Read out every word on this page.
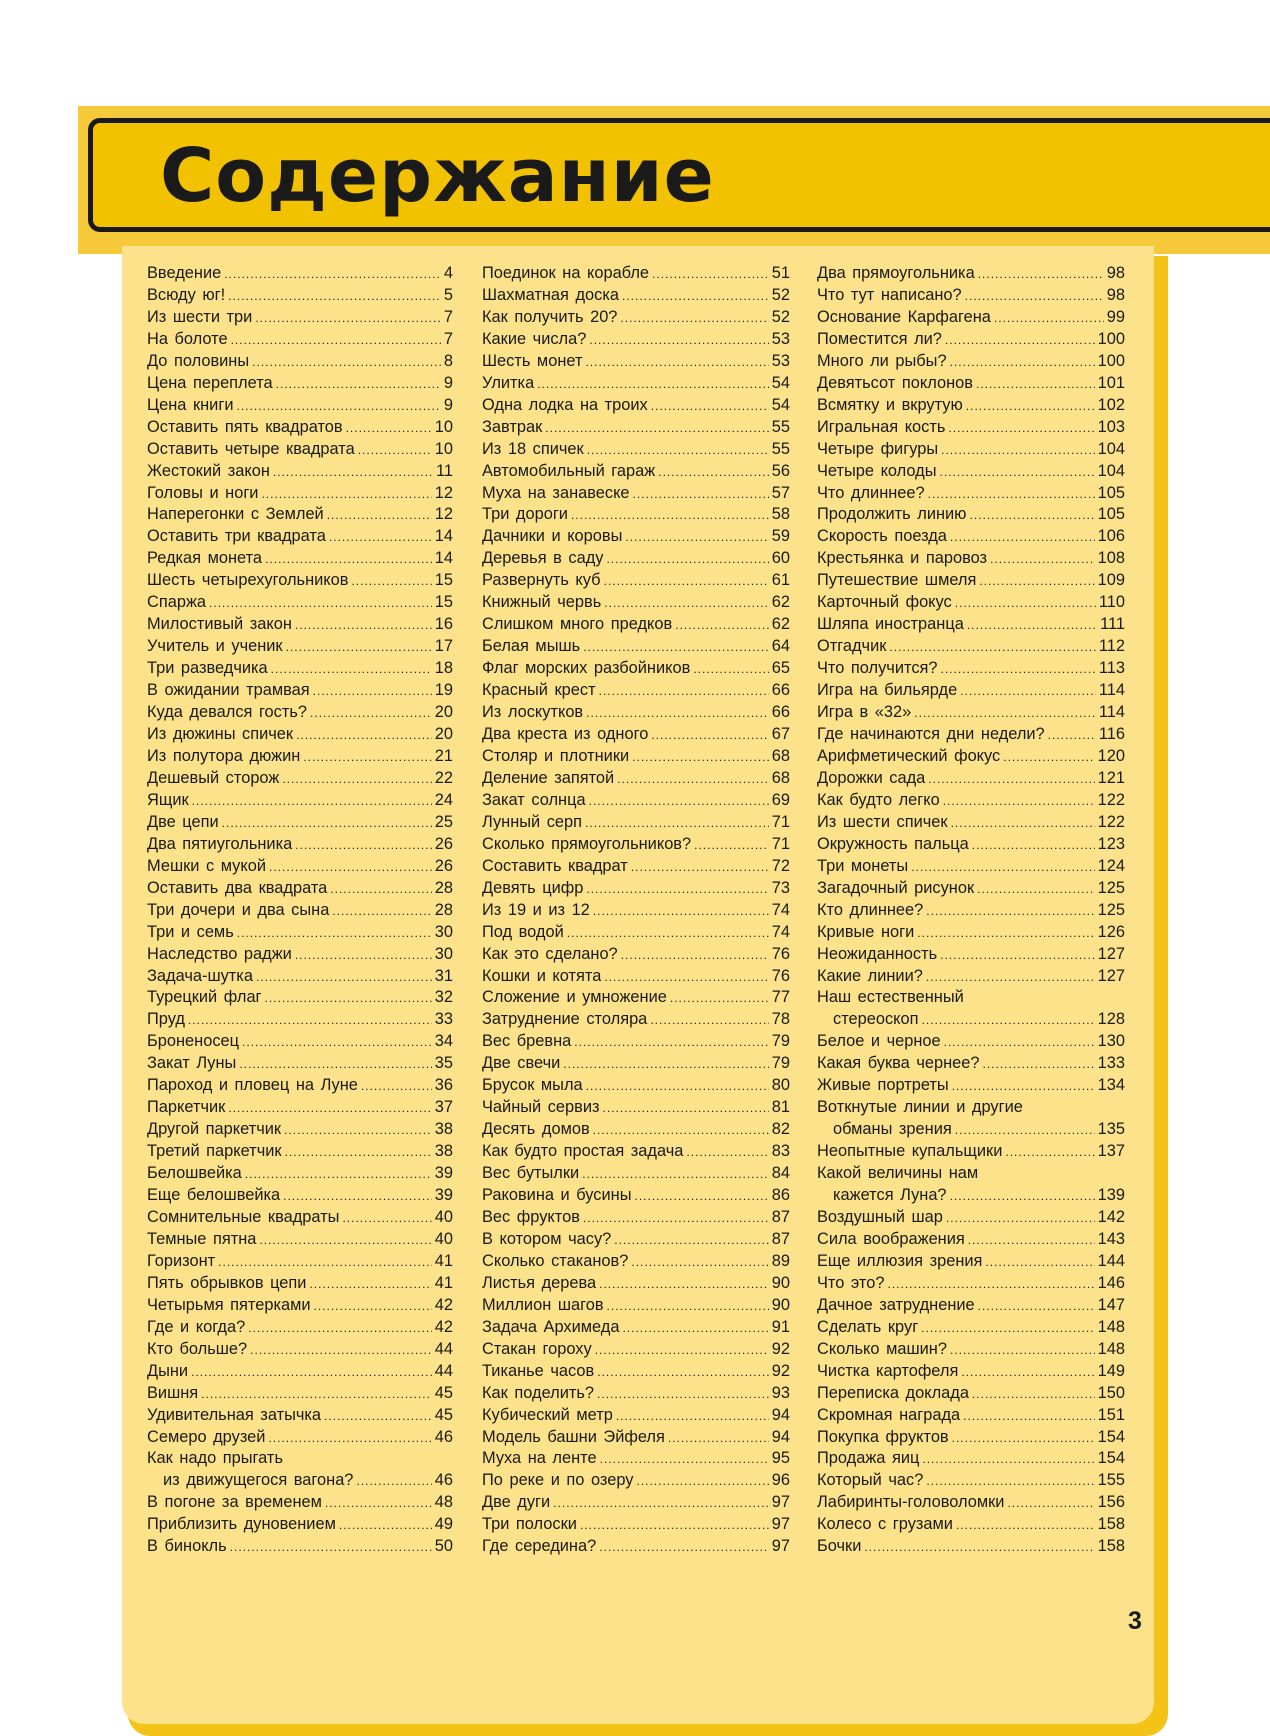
Содержание
Введение .....	4
Всюду юг! .....	5
Из шести три .....	7
На болоте .....	7
До половины .....	8
Цена переплета .....	9
Цена книги .....	9
Оставить пять квадратов .....	10
Оставить четыре квадрата .....	10
Жестокий закон .....	11
Головы и ноги .....	12
Наперегонки с Землей .....	12
Оставить три квадрата .....	14
Редкая монета .....	14
Шесть четырехугольников .....	15
Спаржа .....	15
Милостивый закон .....	16
Учитель и ученик .....	17
Три разведчика .....	18
В ожидании трамвая .....	19
Куда девался гость? .....	20
Из дюжины спичек .....	20
Из полутора дюжин .....	21
Дешевый сторож .....	22
Ящик .....	24
Две цепи .....	25
Два пятиугольника .....	26
Мешки с мукой .....	26
Оставить два квадрата .....	28
Три дочери и два сына .....	28
Три и семь .....	30
Наследство раджи .....	30
Задача-шутка .....	31
Турецкий флаг .....	32
Пруд .....	33
Броненосец .....	34
Закат Луны .....	35
Пароход и пловец на Луне .....	36
Паркетчик .....	37
Другой паркетчик .....	38
Третий паркетчик .....	38
Белошвейка .....	39
Еще белошвейка .....	39
Сомнительные квадраты .....	40
Темные пятна .....	40
Горизонт .....	41
Пять обрывков цепи .....	41
Четырьмя пятерками .....	42
Где и когда? .....	42
Кто больше? .....	44
Дыни .....	44
Вишня .....	45
Удивительная затычка .....	45
Семеро друзей .....	46
Как надо прыгать
из движущегося вагона? .....	46
В погоне за временем .....	48
Приблизить дуновением .....	49
В бинокль .....	50
Поединок на корабле .....	51
Шахматная доска .....	52
Как получить 20? .....	52
Какие числа? .....	53
Шесть монет .....	53
Улитка .....	54
Одна лодка на троих .....	54
Завтрак .....	55
Из 18 спичек .....	55
Автомобильный гараж .....	56
Муха на занавеске .....	57
Три дороги .....	58
Дачники и коровы .....	59
Деревья в саду .....	60
Развернуть куб .....	61
Книжный червь .....	62
Слишком много предков .....	62
Белая мышь .....	64
Флаг морских разбойников .....	65
Красный крест .....	66
Из лоскутков .....	66
Два креста из одного .....	67
Столяр и плотники .....	68
Деление запятой .....	68
Закат солнца .....	69
Лунный серп .....	71
Сколько прямоугольников? .....	71
Составить квадрат .....	72
Девять цифр .....	73
Из 19 и из 12 .....	74
Под водой .....	74
Как это сделано? .....	76
Кошки и котята .....	76
Сложение и умножение .....	77
Затруднение столяра .....	78
Вес бревна .....	79
Две свечи .....	79
Брусок мыла .....	80
Чайный сервиз .....	81
Десять домов .....	82
Как будто простая задача .....	83
Вес бутылки .....	84
Раковина и бусины .....	86
Вес фруктов .....	87
В котором часу? .....	87
Сколько стаканов? .....	89
Листья дерева .....	90
Миллион шагов .....	90
Задача Архимеда .....	91
Стакан гороху .....	92
Тиканье часов .....	92
Как поделить? .....	93
Кубический метр .....	94
Модель башни Эйфеля .....	94
Муха на ленте .....	95
По реке и по озеру .....	96
Две дуги .....	97
Три полоски .....	97
Где середина? .....	97
Два прямоугольника .....	98
Что тут написано? .....	98
Основание Карфагена .....	99
Поместится ли? .....	100
Много ли рыбы? .....	100
Девятьсот поклонов .....	101
Всмятку и вкрутую .....	102
Игральная кость .....	103
Четыре фигуры .....	104
Четыре колоды .....	104
Что длиннее? .....	105
Продолжить линию .....	105
Скорость поезда .....	106
Крестьянка и паровоз .....	108
Путешествие шмеля .....	109
Карточный фокус .....	110
Шляпа иностранца .....	111
Отгадчик .....	112
Что получится? .....	113
Игра на бильярде .....	114
Игра в «32» .....	114
Где начинаются дни недели? .....	116
Арифметический фокус .....	120
Дорожки сада .....	121
Как будто легко .....	122
Из шести спичек .....	122
Окружность пальца .....	123
Три монеты .....	124
Загадочный рисунок .....	125
Кто длиннее? .....	125
Кривые ноги .....	126
Неожиданность .....	127
Какие линии? .....	127
Наш естественный
стереоскоп .....	128
Белое и черное .....	130
Какая буква чернее? .....	133
Живые портреты .....	134
Воткнутые линии и другие
обманы зрения .....	135
Неопытные купальщики .....	137
Какой величины нам
кажется Луна? .....	139
Воздушный шар .....	142
Сила воображения .....	143
Еще иллюзия зрения .....	144
Что это? .....	146
Дачное затруднение .....	147
Сделать круг .....	148
Сколько машин? .....	148
Чистка картофеля .....	149
Переписка доклада .....	150
Скромная награда .....	151
Покупка фруктов .....	154
Продажа яиц .....	154
Который час? .....	155
Лабиринты-головоломки .....	156
Колесо с грузами .....	158
Бочки .....	158
3
